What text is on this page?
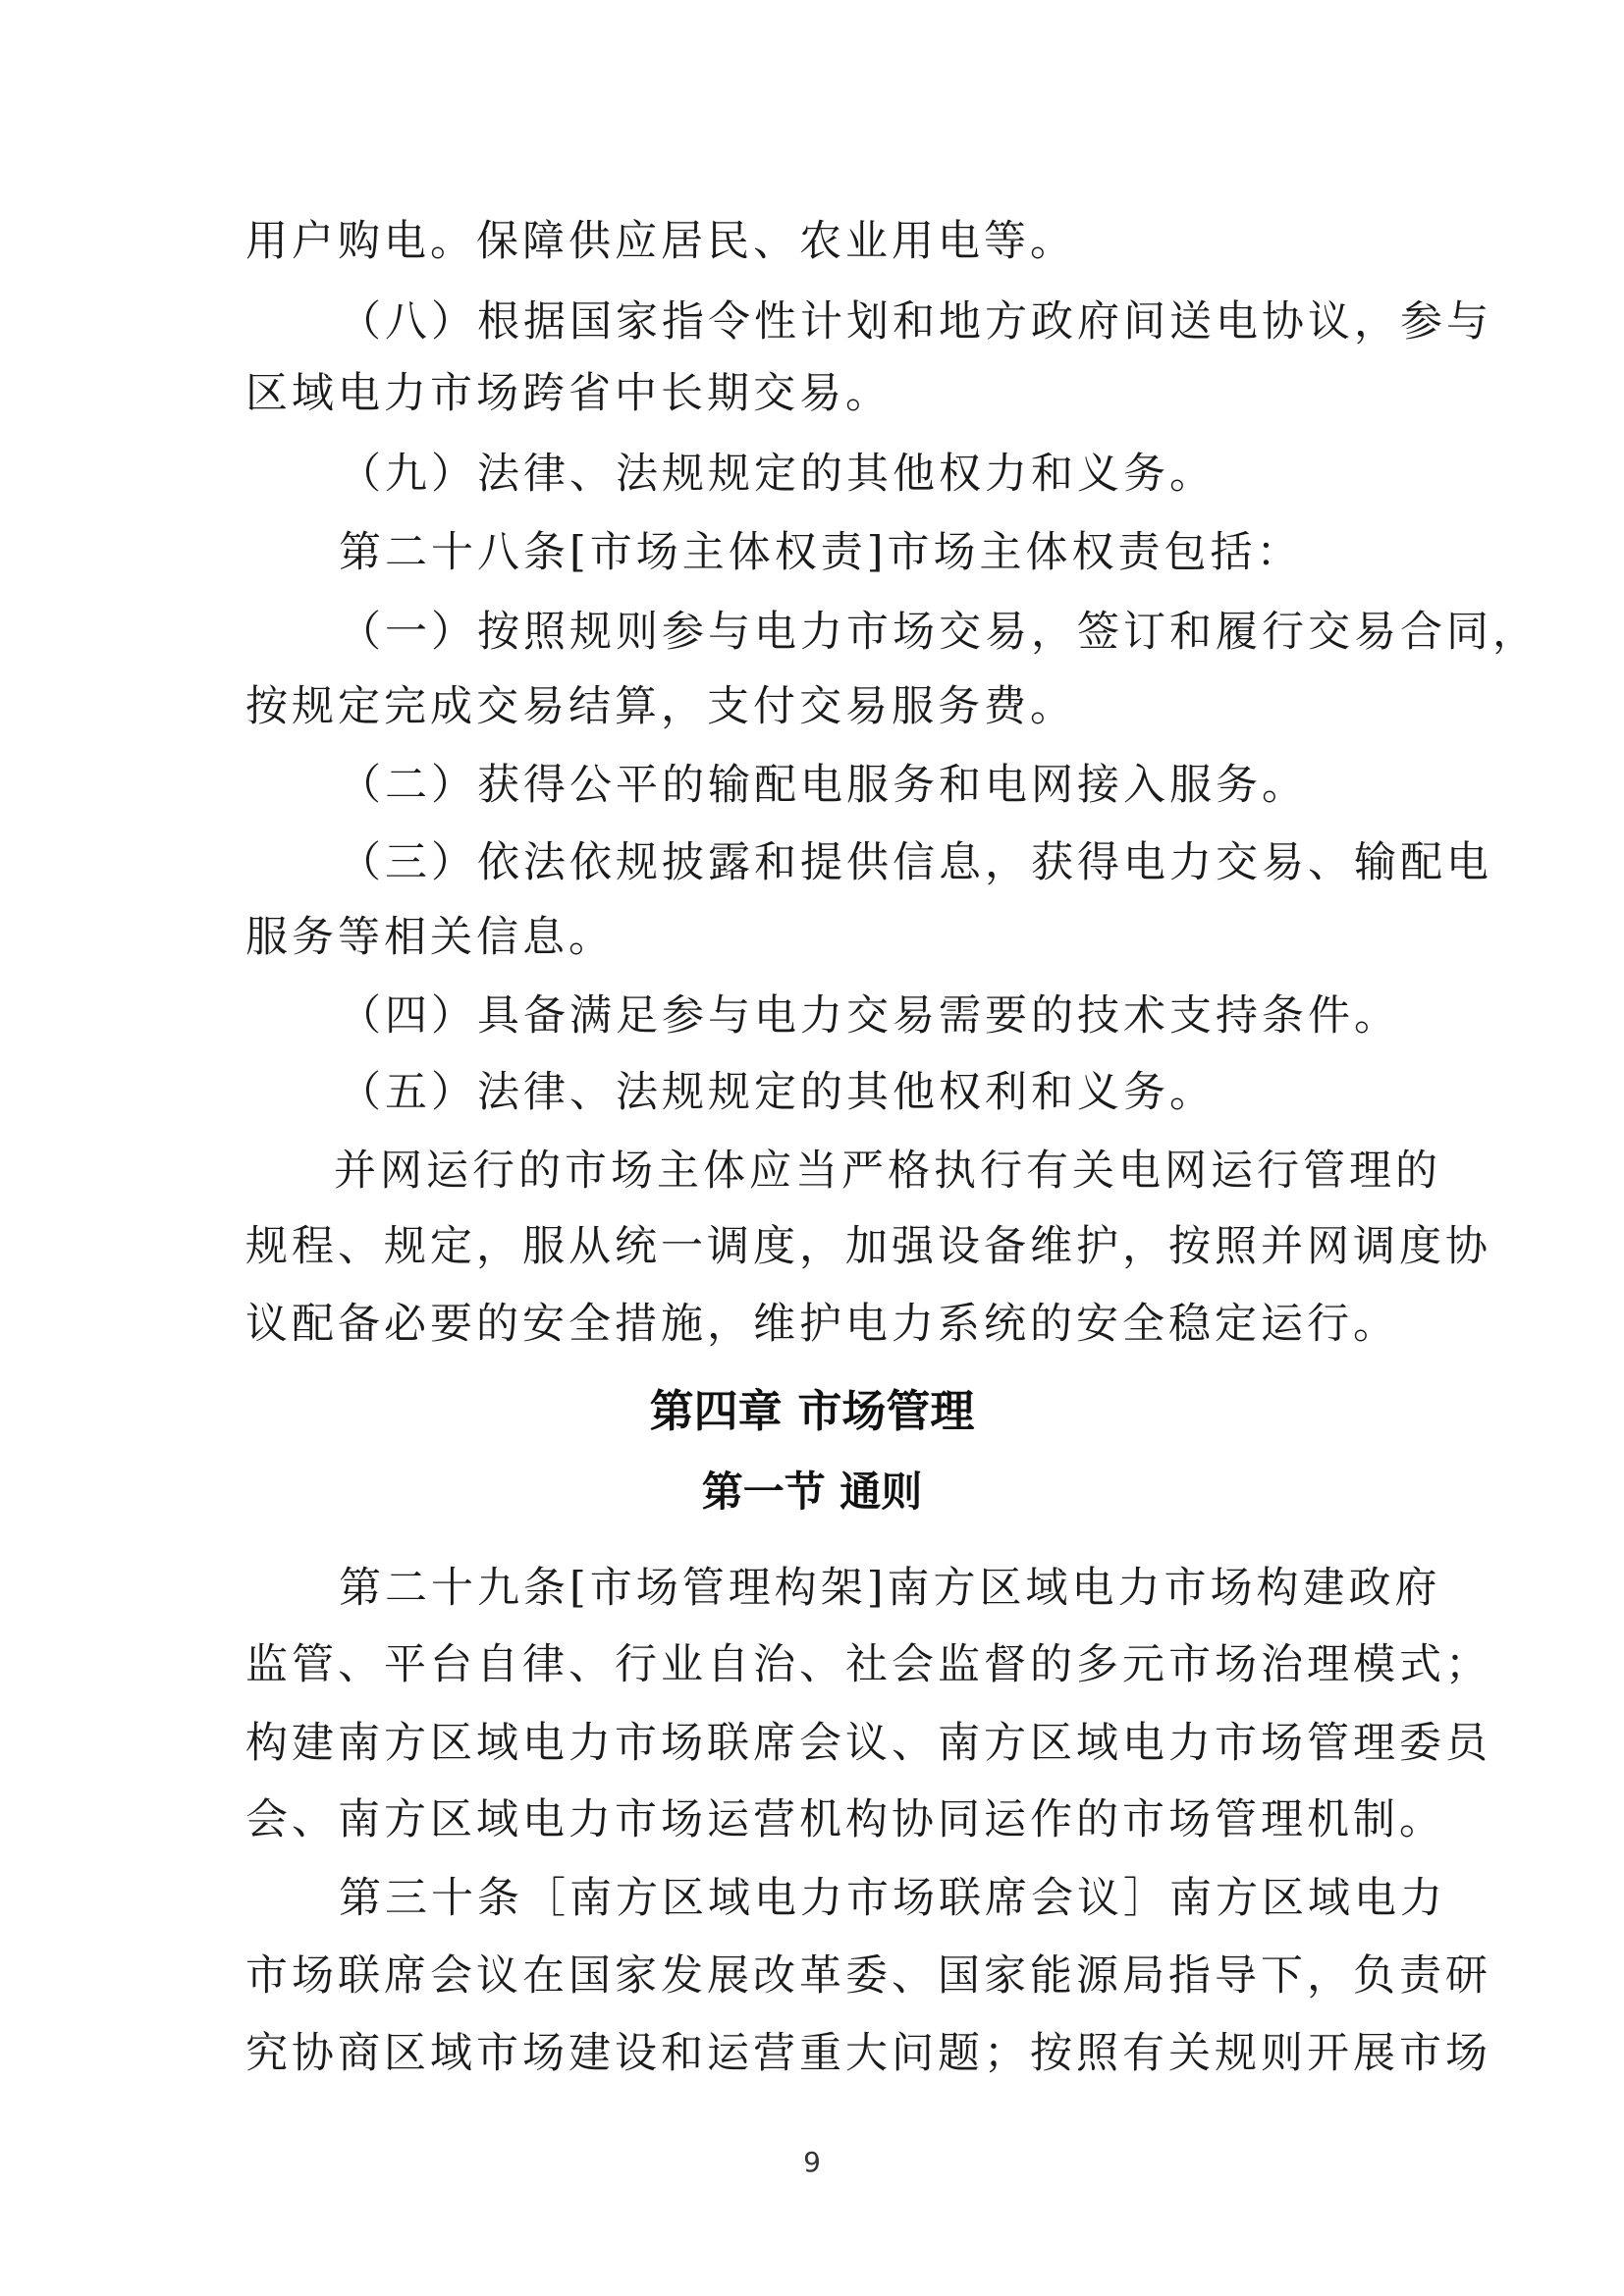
用户购电。保障供应居民、农业用电等。
（八）根据国家指令性计划和地方政府间送电协议，参与
区域电力市场跨省中长期交易。
（九）法律、法规规定的其他权力和义务。
第二十八条[市场主体权责]市场主体权责包括：
（一）按照规则参与电力市场交易，签订和履行交易合同，
按规定完成交易结算，支付交易服务费。
（二）获得公平的输配电服务和电网接入服务。
（三）依法依规披露和提供信息，获得电力交易、输配电
服务等相关信息。
（四）具备满足参与电力交易需要的技术支持条件。
（五）法律、法规规定的其他权利和义务。
并网运行的市场主体应当严格执行有关电网运行管理的
规程、规定，服从统一调度，加强设备维护，按照并网调度协
议配备必要的安全措施，维护电力系统的安全稳定运行。
第四章 市场管理
第一节 通则
第二十九条[市场管理构架]南方区域电力市场构建政府
监管、平台自律、行业自治、社会监督的多元市场治理模式；
构建南方区域电力市场联席会议、南方区域电力市场管理委员
会、南方区域电力市场运营机构协同运作的市场管理机制。
第三十条［南方区域电力市场联席会议］南方区域电力
市场联席会议在国家发展改革委、国家能源局指导下，负责研
究协商区域市场建设和运营重大问题；按照有关规则开展市场
9
